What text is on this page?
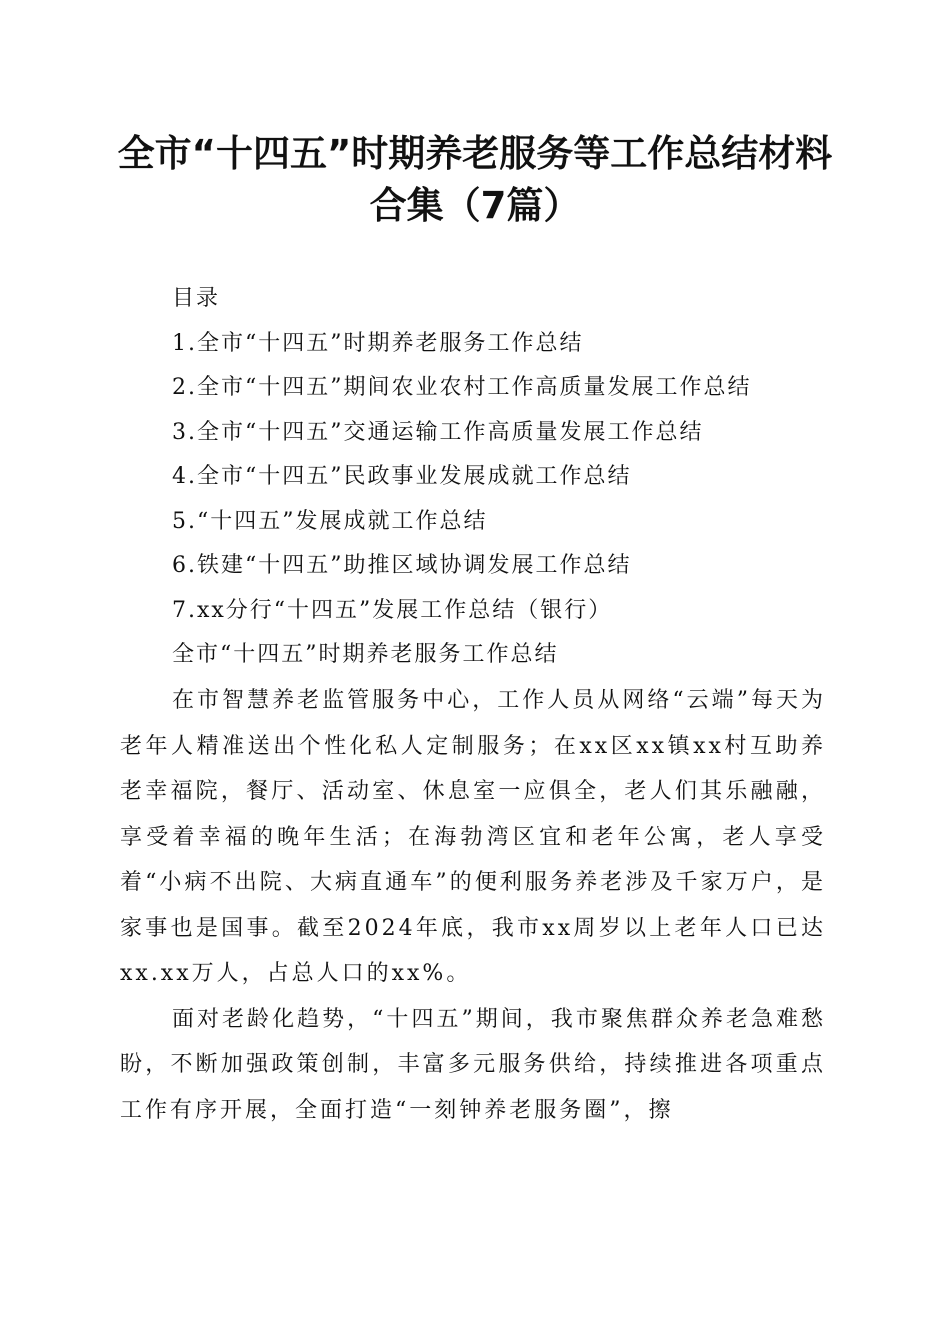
全市“十四五”时期养老服务等工作总结材料
合集（7篇）
目录
1.全市“十四五”时期养老服务工作总结
2.全市“十四五”期间农业农村工作高质量发展工作总结
3.全市“十四五”交通运输工作高质量发展工作总结
4.全市“十四五”民政事业发展成就工作总结
5.“十四五”发展成就工作总结
6.铁建“十四五”助推区域协调发展工作总结
7.xx分行“十四五”发展工作总结（银行）
全市“十四五”时期养老服务工作总结

在市智慧养老监管服务中心，工作人员从网络“云端”每天为老年人精准送出个性化私人定制服务；在xx区xx镇xx村互助养老幸福院，餐厅、活动室、休息室一应俱全，老人们其乐融融，享受着幸福的晚年生活；在海勃湾区宜和老年公寓，老人享受着“小病不出院、大病直通车”的便利服务养老涉及千家万户，是家事也是国事。截至2024年底，我市xx周岁以上老年人口已达xx.xx万人，占总人口的xx%。

面对老龄化趋势，“十四五”期间，我市聚焦群众养老急难愁盼，不断加强政策创制，丰富多元服务供给，持续推进各项重点工作有序开展，全面打造“一刻钟养老服务圈”，擦
